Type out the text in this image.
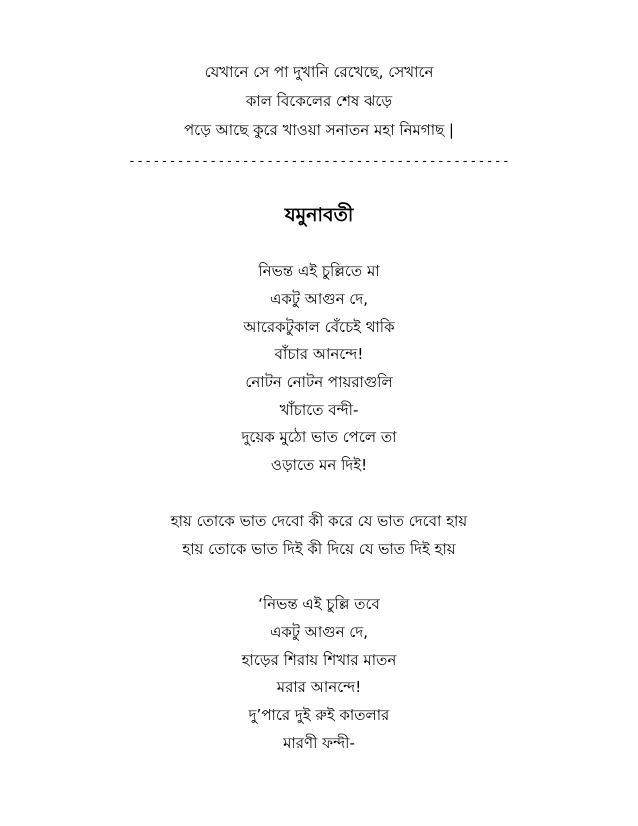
যেখানে সে পা দুখানি রেখেছে, সেখানে
কাল বিকেলের শেষ ঝড়ে
পড়ে আছে কুরে খাওয়া সনাতন মহা নিমগাছ |
-----------------------------------------------
যমুনাবতী
নিভন্ত এই চুল্লিতে মা
একটু আগুন দে,
আরেকটুকাল বেঁচেই থাকি
বাঁচার আনন্দে!
নোটন নোটন পায়রাগুলি
খাঁচাতে বন্দী-
দুয়েক মুঠো ভাত পেলে তা
ওড়াতে মন দিই!
হায় তোকে ভাত দেবো কী করে যে ভাত দেবো হায়
হায় তোকে ভাত দিই কী দিয়ে যে ভাত দিই হায়
‘নিভন্ত এই চুল্লি তবে
একটু আগুন দে,
হাড়ের শিরায় শিখার মাতন
মরার আনন্দে!
দু’পারে দুই রুই কাতলার
মারণী ফন্দী-
